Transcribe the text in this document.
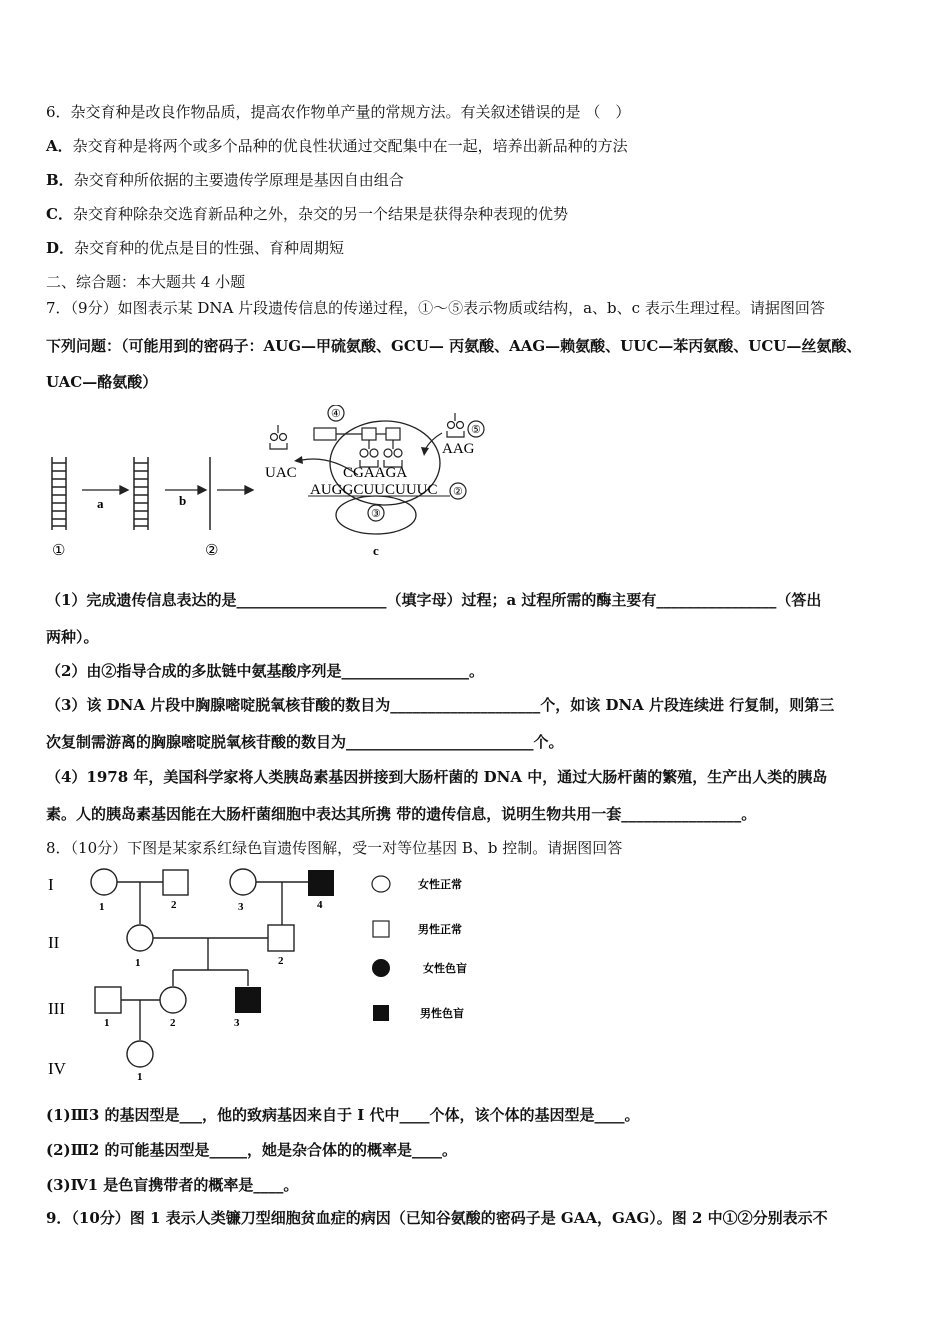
6．杂交育种是改良作物品质，提高农作物单产量的常规方法。有关叙述错误的是 （　）
A．杂交育种是将两个或多个品种的优良性状通过交配集中在一起，培养出新品种的方法
B．杂交育种所依据的主要遗传学原理是基因自由组合
C．杂交育种除杂交选育新品种之外，杂交的另一个结果是获得杂种表现的优势
D．杂交育种的优点是目的性强、育种周期短
二、综合题：本大题共 4 小题
7．（9分）如图表示某 DNA 片段遗传信息的传递过程，①～⑤表示物质或结构，a、b、c 表示生理过程。请据图回答
下列问题：（可能用到的密码子：AUG—甲硫氨酸、GCU— 丙氨酸、AAG—赖氨酸、UUC—苯丙氨酸、UCU—丝氨酸、
UAC—酪氨酸）
a	b
①	②
④
UAC
⑤
AAG
CGAAGA
AUGGCUUCUUUC ②
③
c
（1）完成遗传信息表达的是____________________（填字母）过程；a 过程所需的酶主要有________________（答出
两种）。
（2）由②指导合成的多肽链中氨基酸序列是_________________。
（3）该 DNA 片段中胸腺嘧啶脱氧核苷酸的数目为____________________个，如该 DNA 片段连续进 行复制，则第三
次复制需游离的胸腺嘧啶脱氧核苷酸的数目为_________________________个。
（4）1978 年，美国科学家将人类胰岛素基因拼接到大肠杆菌的 DNA 中，通过大肠杆菌的繁殖，生产出人类的胰岛
素。人的胰岛素基因能在大肠杆菌细胞中表达其所携 带的遗传信息，说明生物共用一套________________。
8．（10分）下图是某家系红绿色盲遗传图解，受一对等位基因 B、b 控制。请据图回答
I
II
III
IV
1	2	3	4
1	2
1	2	3
1
女性正常
男性正常
女性色盲
男性色盲
(1)Ⅲ3 的基因型是___，他的致病基因来自于 I 代中____个体，该个体的基因型是____。
(2)Ⅲ2 的可能基因型是_____，她是杂合体的的概率是____。
(3)Ⅳ1 是色盲携带者的概率是____。
9．（10分）图 1 表示人类镰刀型细胞贫血症的病因（已知谷氨酸的密码子是 GAA，GAG）。图 2 中①②分别表示不
